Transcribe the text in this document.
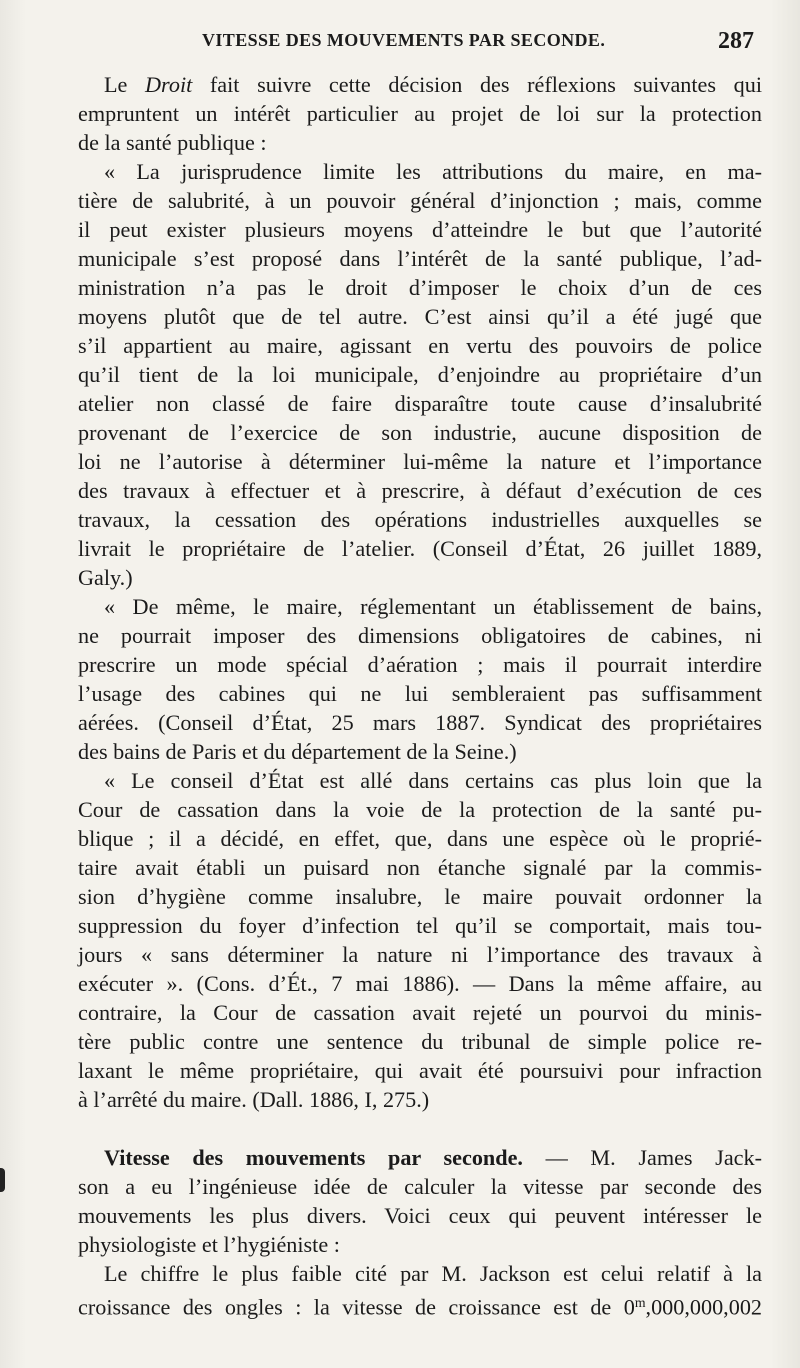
VITESSE DES MOUVEMENTS PAR SECONDE.	287
Le Droit fait suivre cette décision des réflexions suivantes qui
empruntent un intérêt particulier au projet de loi sur la protection
de la santé publique :
« La jurisprudence limite les attributions du maire, en ma-
tière de salubrité, à un pouvoir général d’injonction ; mais, comme
il peut exister plusieurs moyens d’atteindre le but que l’autorité
municipale s’est proposé dans l’intérêt de la santé publique, l’ad-
ministration n’a pas le droit d’imposer le choix d’un de ces
moyens plutôt que de tel autre. C’est ainsi qu’il a été jugé que
s’il appartient au maire, agissant en vertu des pouvoirs de police
qu’il tient de la loi municipale, d’enjoindre au propriétaire d’un
atelier non classé de faire disparaître toute cause d’insalubrité
provenant de l’exercice de son industrie, aucune disposition de
loi ne l’autorise à déterminer lui-même la nature et l’importance
des travaux à effectuer et à prescrire, à défaut d’exécution de ces
travaux, la cessation des opérations industrielles auxquelles se
livrait le propriétaire de l’atelier. (Conseil d’État, 26 juillet 1889,
Galy.)
« De même, le maire, réglementant un établissement de bains,
ne pourrait imposer des dimensions obligatoires de cabines, ni
prescrire un mode spécial d’aération ; mais il pourrait interdire
l’usage des cabines qui ne lui sembleraient pas suffisamment
aérées. (Conseil d’État, 25 mars 1887. Syndicat des propriétaires
des bains de Paris et du département de la Seine.)
« Le conseil d’État est allé dans certains cas plus loin que la
Cour de cassation dans la voie de la protection de la santé pu-
blique ; il a décidé, en effet, que, dans une espèce où le proprié-
taire avait établi un puisard non étanche signalé par la commis-
sion d’hygiène comme insalubre, le maire pouvait ordonner la
suppression du foyer d’infection tel qu’il se comportait, mais tou-
jours « sans déterminer la nature ni l’importance des travaux à
exécuter ». (Cons. d’Ét., 7 mai 1886). — Dans la même affaire, au
contraire, la Cour de cassation avait rejeté un pourvoi du minis-
tère public contre une sentence du tribunal de simple police re-
laxant le même propriétaire, qui avait été poursuivi pour infraction
à l’arrêté du maire. (Dall. 1886, I, 275.)
Vitesse des mouvements par seconde. — M. James Jack-
son a eu l’ingénieuse idée de calculer la vitesse par seconde des
mouvements les plus divers. Voici ceux qui peuvent intéresser le
physiologiste et l’hygiéniste :
Le chiffre le plus faible cité par M. Jackson est celui relatif à la
croissance des ongles : la vitesse de croissance est de 0$^m$,000,000,002
